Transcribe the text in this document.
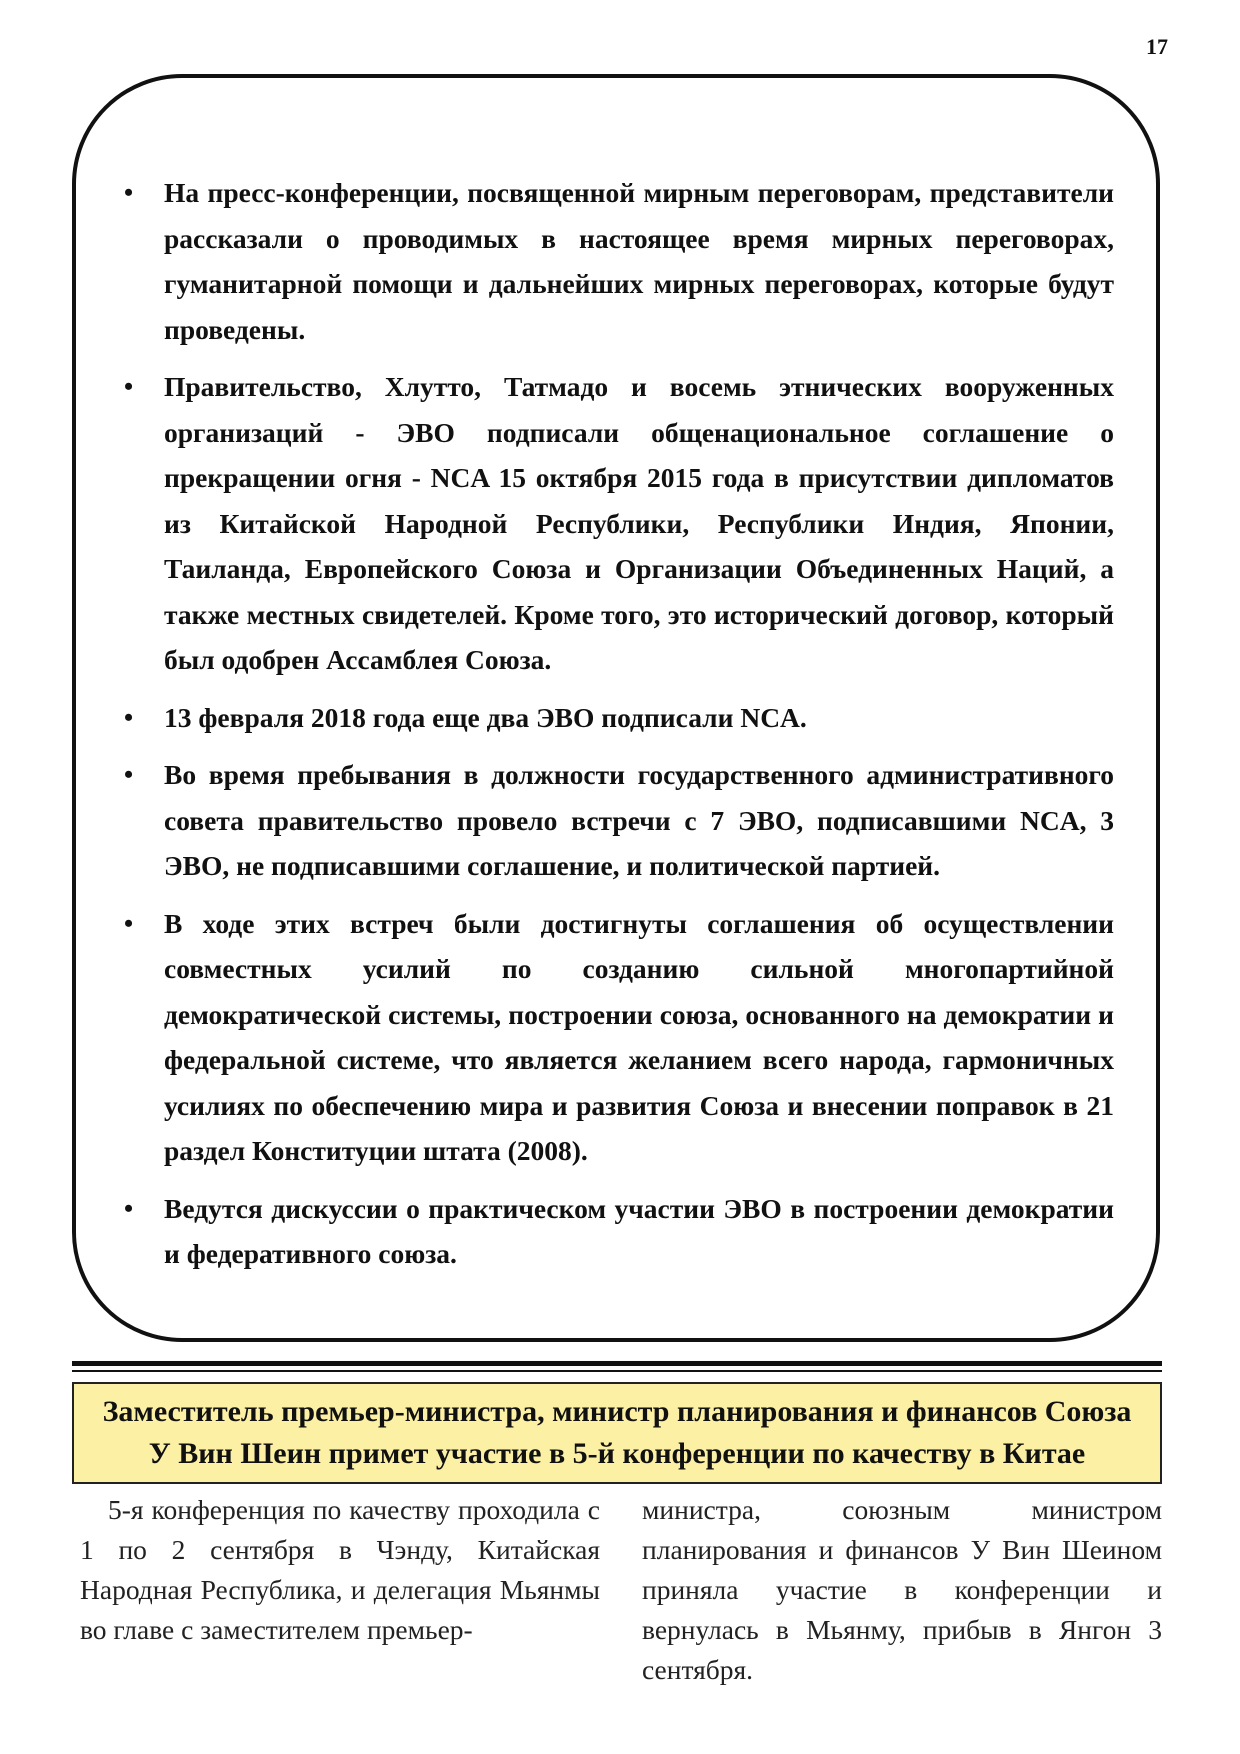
17
• На пресс-конференции, посвященной мирным переговорам, представители рассказали о проводимых в настоящее время мирных переговорах, гуманитарной помощи и дальнейших мирных переговорах, которые будут проведены.
• Правительство, Хлутто, Татмадо и восемь этнических вооруженных организаций - ЭВО подписали общенациональное соглашение о прекращении огня - NCA 15 октября 2015 года в присутствии дипломатов из Китайской Народной Республики, Республики Индия, Японии, Таиланда, Европейского Союза и Организации Объединенных Наций, а также местных свидетелей. Кроме того, это исторический договор, который был одобрен Ассамблея Союза.
• 13 февраля 2018 года еще два ЭВО подписали NCA.
• Во время пребывания в должности государственного административного совета правительство провело встречи с 7 ЭВО, подписавшими NCA, 3 ЭВО, не подписавшими соглашение, и политической партией.
• В ходе этих встреч были достигнуты соглашения об осуществлении совместных усилий по созданию сильной многопартийной демократической системы, построении союза, основанного на демократии и федеральной системе, что является желанием всего народа, гармоничных усилиях по обеспечению мира и развития Союза и внесении поправок в 21 раздел Конституции штата (2008).
• Ведутся дискуссии о практическом участии ЭВО в построении демократии и федеративного союза.
Заместитель премьер-министра, министр планирования и финансов Союза
У Вин Шеин примет участие в 5-й конференции по качеству в Китае

5-я конференция по качеству проходила с 1 по 2 сентября в Чэнду, Китайская Народная Республика, и делегация Мьянмы во главе с заместителем премьер-

министра, союзным министром планирования и финансов У Вин Шеином приняла участие в конференции и вернулась в Мьянму, прибыв в Янгон 3 сентября.
